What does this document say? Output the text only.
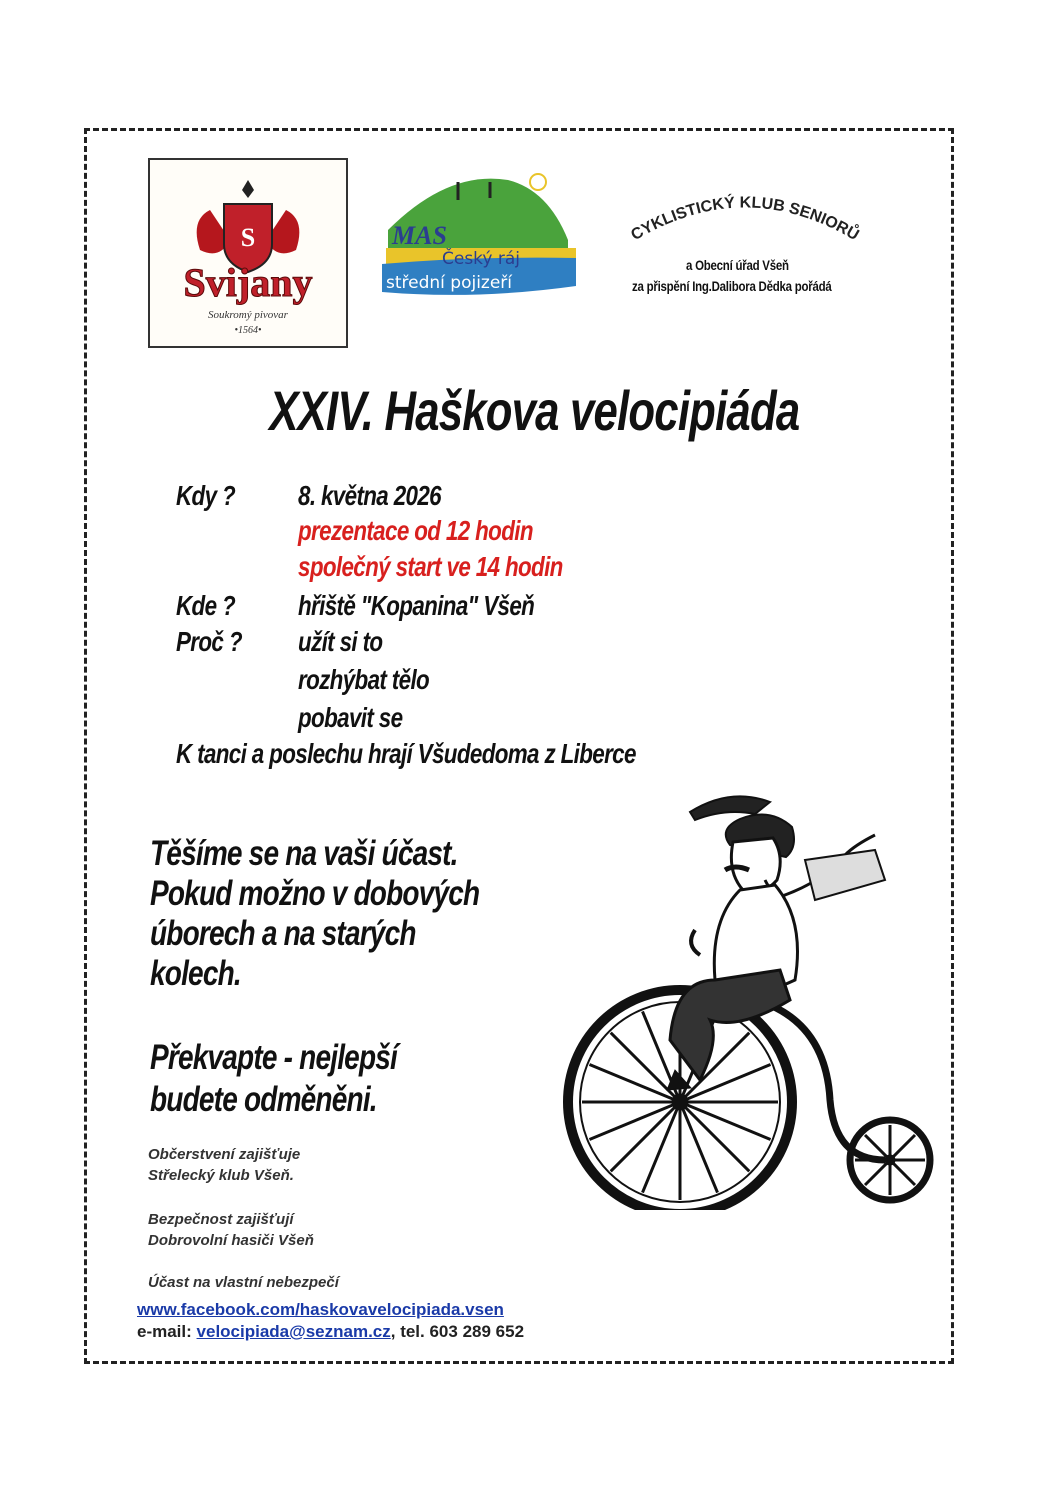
S
Svijany
Soukromý pivovar
•1564•
MAS
Český ráj
střední pojizeří
CYKLISTICKÝ KLUB SENIORŮ
a Obecní úřad Všeň
za přispění Ing.Dalibora Dědka pořádá
XXIV. Haškova velocipiáda
Kdy ? 8. května 2026
prezentace od 12 hodin
společný start ve 14 hodin
Kde ? hřiště "Kopanina" Všeň
Proč ? užít si to
rozhýbat tělo
pobavit se
K tanci a poslechu hrají Všudedoma z Liberce
Těšíme se na vaši účast.
Pokud možno v dobových
úborech a na starých
kolech.
Překvapte - nejlepší
budete odměněni.
Občerstvení zajišťuje
Střelecký klub Všeň.
Bezpečnost zajišťují
Dobrovolní hasiči Všeň
Účast na vlastní nebezpečí
www.facebook.com/haskovavelocipiada.vsen
e-mail: velocipiada@seznam.cz, tel. 603 289 652
